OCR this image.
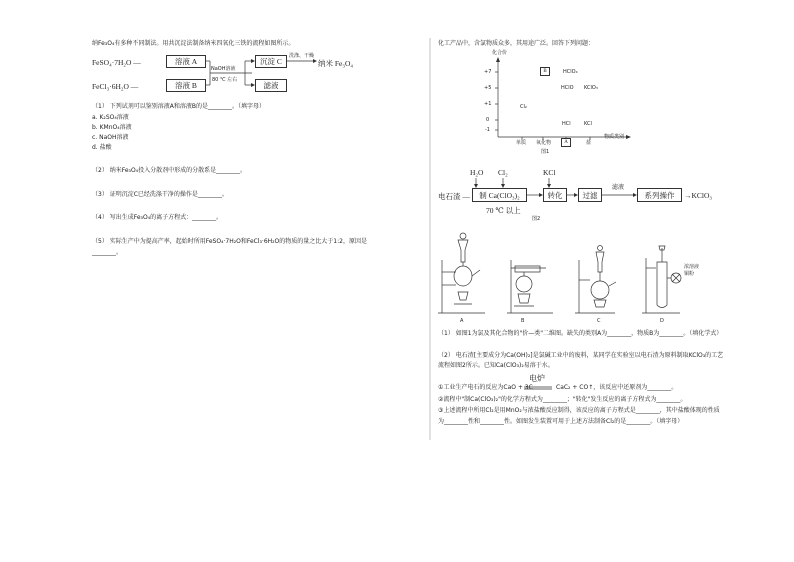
纳Fe₃O₄有多种不同制法。用共沉淀法制备纳米四氧化三铁的流程如图所示。
FeSO₄·7H₂O —
FeCl₃·6H₂O —
溶液 A
溶液 B
NaOH溶液
80 ℃ 左右
沉淀 C
滤液
洗涤、干燥
纳米 Fe₃O₄
（1） 下列试剂可以鉴别溶液A和溶液B的是________。（填字母）
a. K₂SO₄溶液
b. KMnO₄溶液
c. NaOH溶液
d. 盐酸
（2） 纳米Fe₃O₄投入分散剂中形成的分散系是________。
（3） 证明沉淀C已经洗涤干净的操作是________。
（4） 写出生成Fe₃O₄的离子方程式：________。
（5） 实际生产中为提高产率，起始时所用FeSO₄·7H₂O和FeCl₃·6H₂O的物质的量之比大于1:2，原因是
________。
化工产品中，含氯物质众多，其用途广泛。回答下列问题：
化合价
+7
+5
+1
0
-1
B	HClO₄
HClO KClO₃
Cl₂
HCl	KCl
单质 氧化物	A	盐
物质类别
图1
H₂O Cl₂	KCl
电石渣 —	制 Ca(ClO₃)₂	转化	过滤
滤液
系列操作	→KClO₃
70 ℃ 以上
图2
A	B	C	D
浓溶液
铜粉
（1） 如图1为氯及其化合物的"价—类"二维图。缺失的类别A为________，物质B为________。（填化学式）
（2） 电石渣[主要成分为Ca(OH)₂]是氯碱工业中的废料，某同学在实验室以电石渣为原料制取KClO₃的工艺
流程如图2所示。已知Ca(ClO₃)₂易溶于水。
①工业生产电石的反应为CaO + 3C
电炉
CaC₂ + CO↑，该反应中还原剂为________。
②流程中"制Ca(ClO₃)₂"的化学方程式为________；"转化"发生反应的离子方程式为________。
③上述流程中所用Cl₂是用MnO₂与浓盐酸反应制得，该反应的离子方程式是________，其中盐酸体现的性质
为________性和________性。如图发生装置可用于上述方法制备Cl₂的是________。（填字母）
